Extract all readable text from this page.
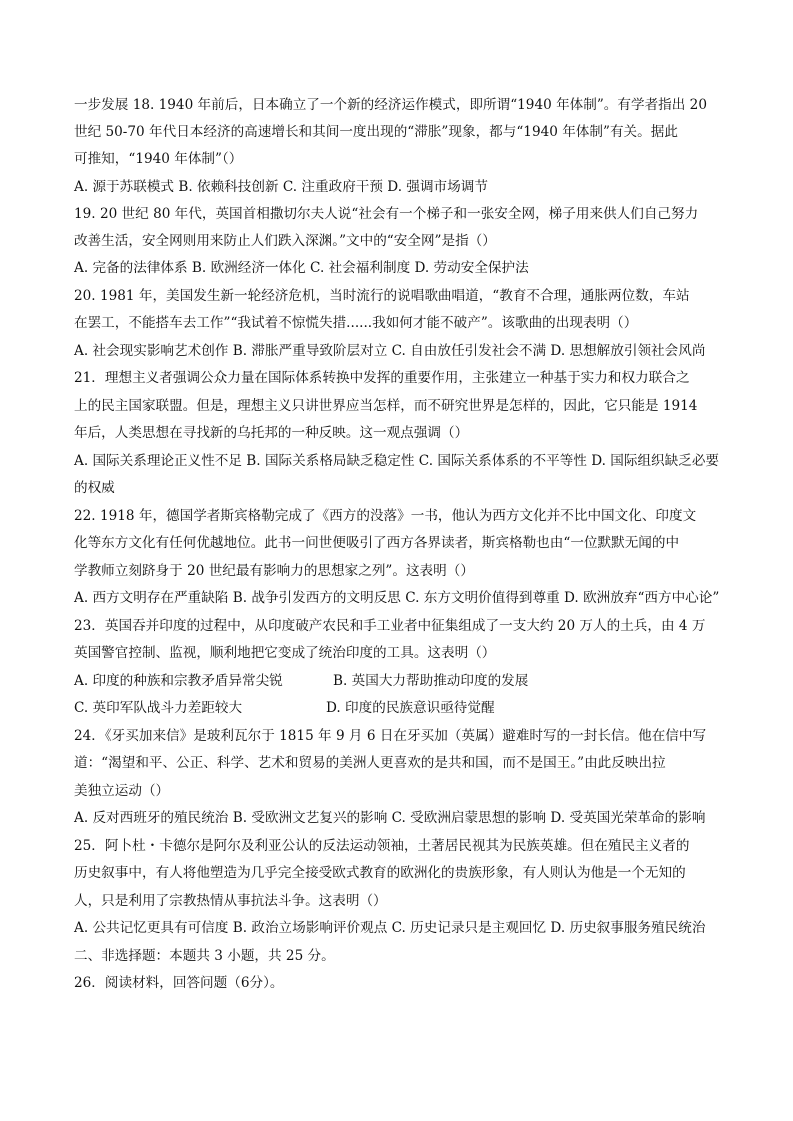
一步发展 18. 1940 年前后，日本确立了一个新的经济运作模式，即所谓“1940 年体制”。有学者指出 20
世纪 50-70 年代日本经济的高速增长和其间一度出现的“滞胀”现象，都与“1940 年体制”有关。据此
可推知，“1940 年体制”（）
A. 源于苏联模式 B. 依赖科技创新 C. 注重政府干预 D. 强调市场调节
19. 20 世纪 80 年代，英国首相撒切尔夫人说“社会有一个梯子和一张安全网，梯子用来供人们自己努力
改善生活，安全网则用来防止人们跌入深渊。”文中的“安全网”是指（）
A. 完备的法律体系 B. 欧洲经济一体化 C. 社会福利制度 D. 劳动安全保护法
20. 1981 年，美国发生新一轮经济危机，当时流行的说唱歌曲唱道，“教育不合理，通胀两位数，车站
在罢工，不能搭车去工作”“我试着不惊慌失措......我如何才能不破产”。该歌曲的出现表明（）
A. 社会现实影响艺术创作 B. 滞胀严重导致阶层对立 C. 自由放任引发社会不满 D. 思想解放引领社会风尚
21．理想主义者强调公众力量在国际体系转换中发挥的重要作用，主张建立一种基于实力和权力联合之
上的民主国家联盟。但是，理想主义只讲世界应当怎样，而不研究世界是怎样的，因此，它只能是 1914
年后，人类思想在寻找新的乌托邦的一种反映。这一观点强调（）
A. 国际关系理论正义性不足 B. 国际关系格局缺乏稳定性 C. 国际关系体系的不平等性 D. 国际组织缺乏必要
的权威
22. 1918 年，德国学者斯宾格勒完成了《西方的没落》一书，他认为西方文化并不比中国文化、印度文
化等东方文化有任何优越地位。此书一问世便吸引了西方各界读者，斯宾格勒也由“一位默默无闻的中
学教师立刻跻身于 20 世纪最有影响力的思想家之列”。这表明（）
A. 西方文明存在严重缺陷 B. 战争引发西方的文明反思 C. 东方文明价值得到尊重 D. 欧洲放弃“西方中心论”
23．英国吞并印度的过程中，从印度破产农民和手工业者中征集组成了一支大约 20 万人的土兵，由 4 万
英国警官控制、监视，顺利地把它变成了统治印度的工具。这表明（）
A. 印度的种族和宗教矛盾异常尖锐	B. 英国大力帮助推动印度的发展
C. 英印军队战斗力差距较大	D. 印度的民族意识亟待觉醒
24．《牙买加来信》是玻利瓦尔于 1815 年 9 月 6 日在牙买加（英属）避难时写的一封长信。他在信中写
道：“渴望和平、公正、科学、艺术和贸易的美洲人更喜欢的是共和国，而不是国王。”由此反映出拉
美独立运动（）
A. 反对西班牙的殖民统治 B. 受欧洲文艺复兴的影响 C. 受欧洲启蒙思想的影响 D. 受英国光荣革命的影响
25．阿卜杜・卡德尔是阿尔及利亚公认的反法运动领袖，土著居民视其为民族英雄。但在殖民主义者的
历史叙事中，有人将他塑造为几乎完全接受欧式教育的欧洲化的贵族形象，有人则认为他是一个无知的
人，只是利用了宗教热情从事抗法斗争。这表明（）
A. 公共记忆更具有可信度 B. 政治立场影响评价观点 C. 历史记录只是主观回忆 D. 历史叙事服务殖民统治
二、非选择题：本题共 3 小题，共 25 分。
26．阅读材料，回答问题（6分）。
